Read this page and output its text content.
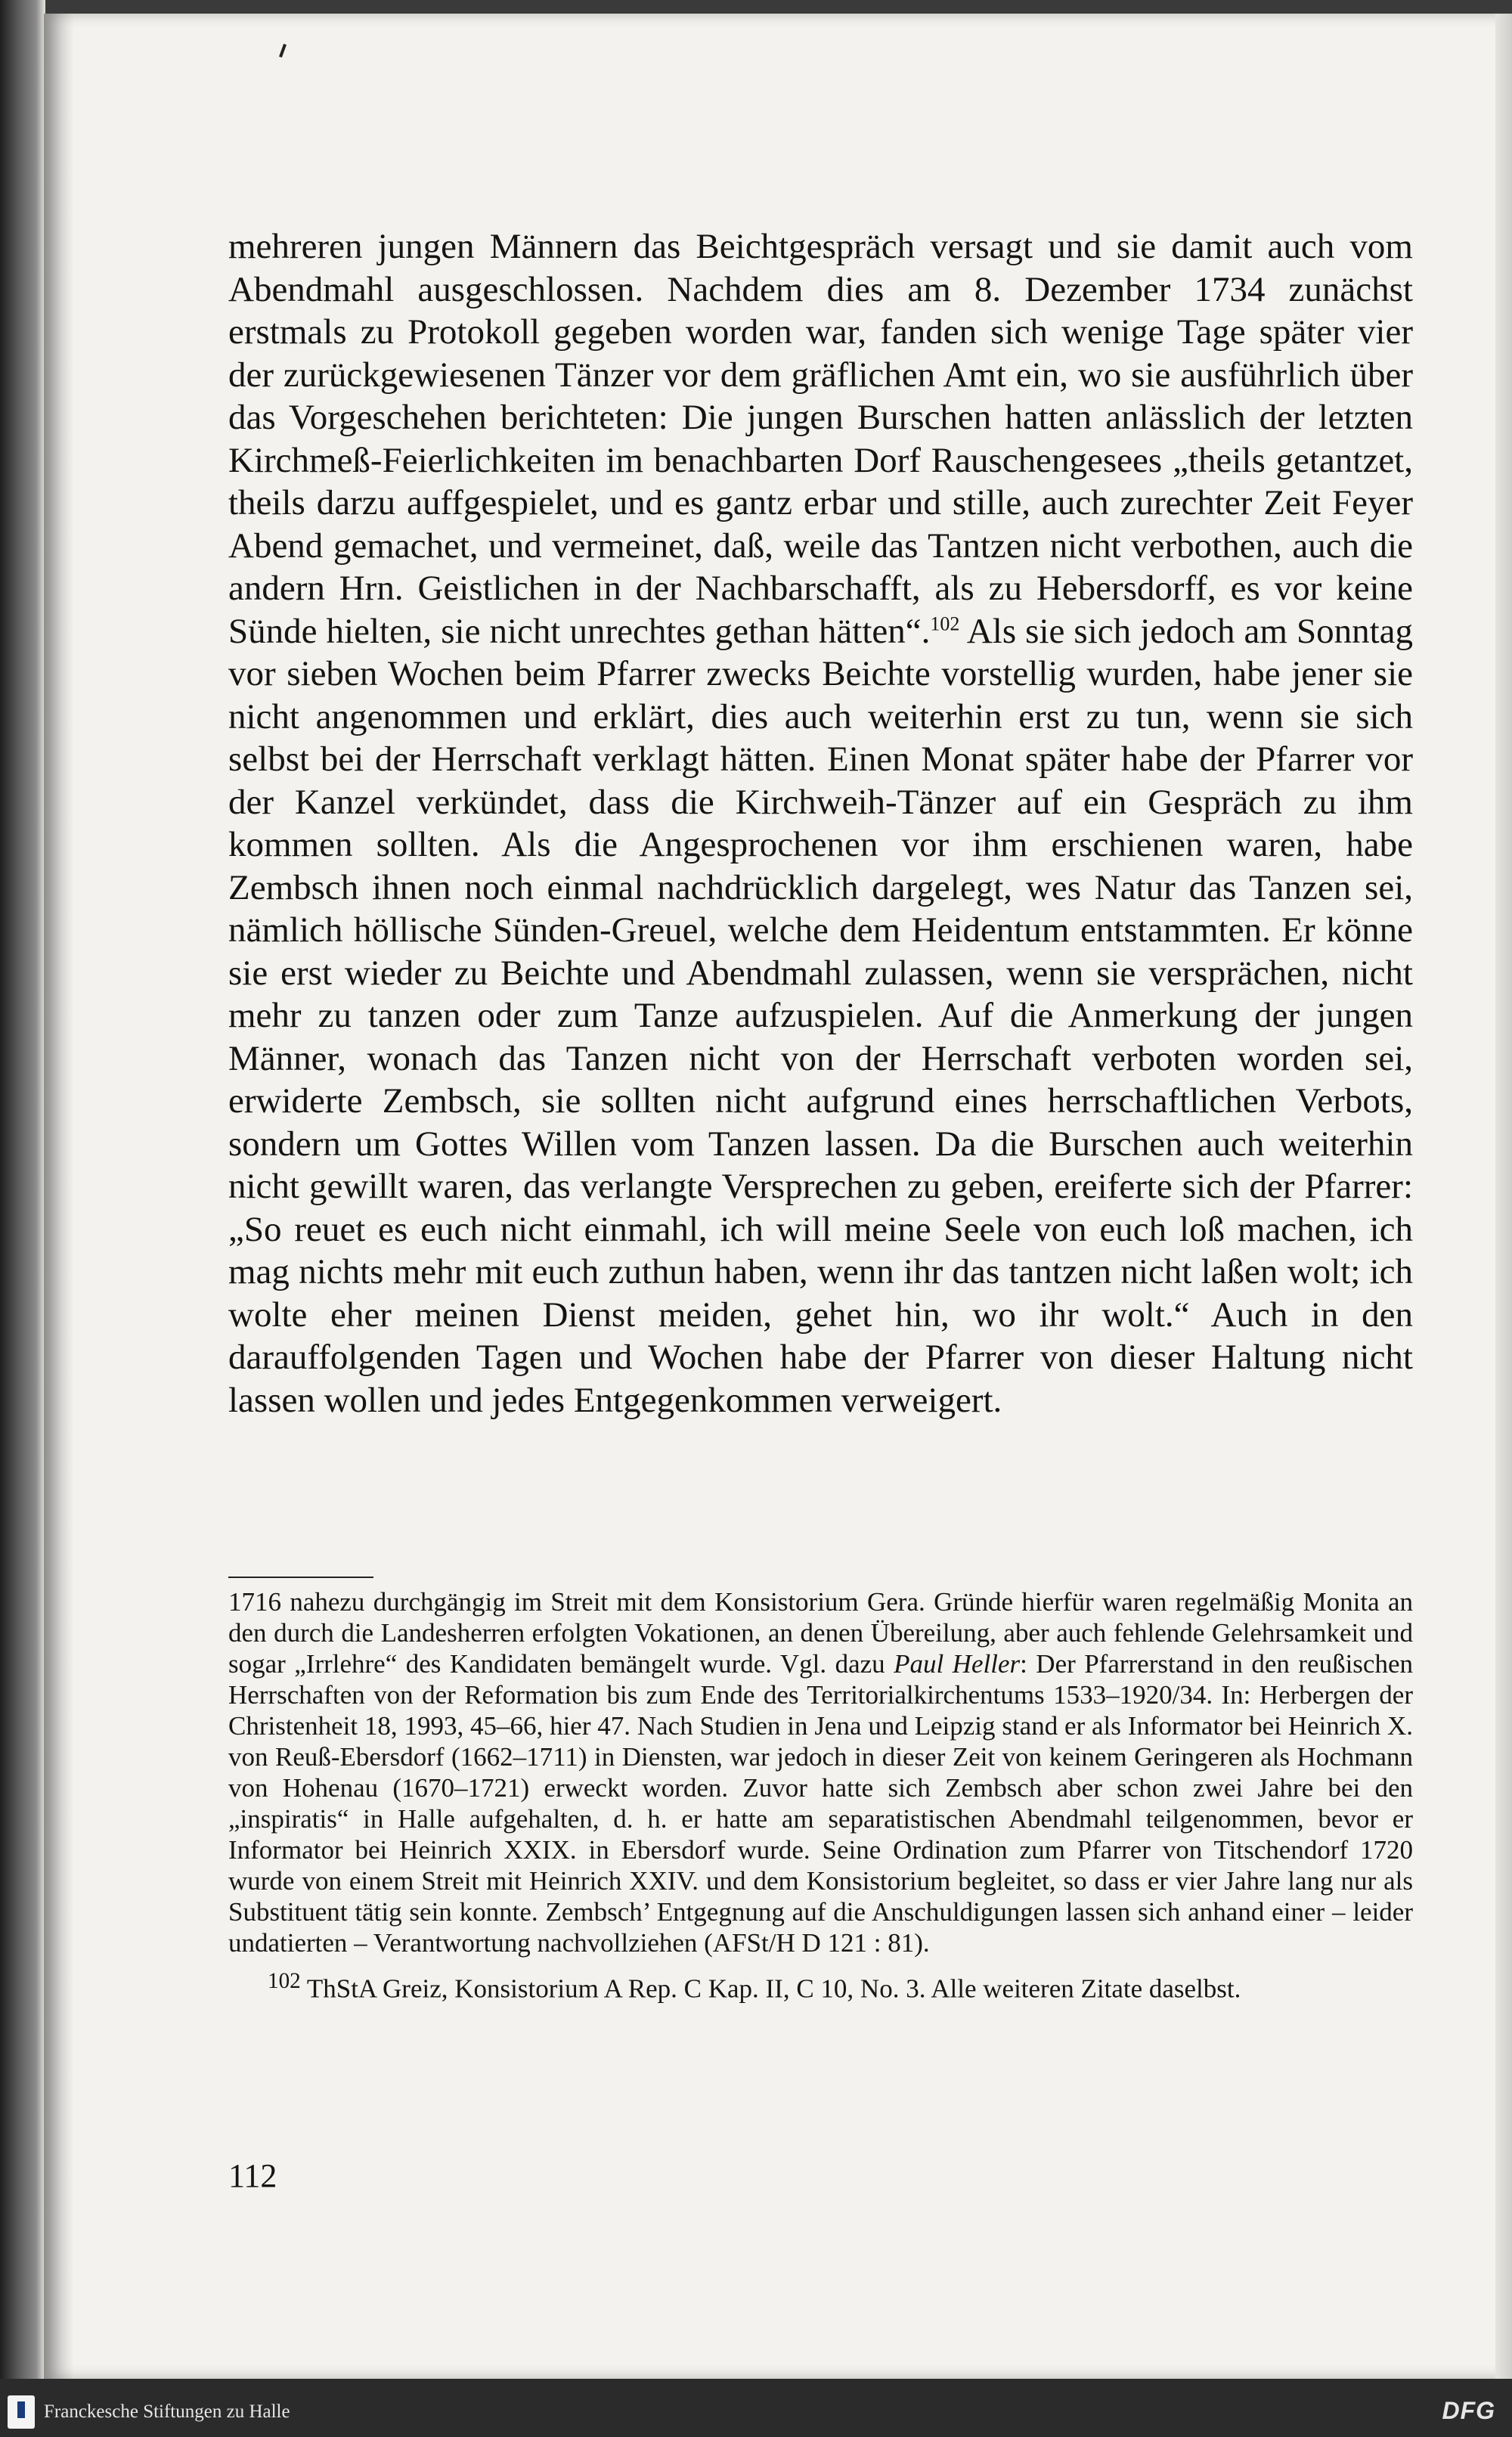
mehreren jungen Männern das Beichtgespräch versagt und sie damit auch vom Abendmahl ausgeschlossen. Nachdem dies am 8. Dezember 1734 zunächst erstmals zu Protokoll gegeben worden war, fanden sich wenige Tage später vier der zurückgewiesenen Tänzer vor dem gräflichen Amt ein, wo sie ausführlich über das Vorgeschehen berichteten: Die jungen Burschen hatten anlässlich der letzten Kirchmeß-Feierlichkeiten im benachbarten Dorf Rauschengesees „theils getantzet, theils darzu auffgespielet, und es gantz erbar und stille, auch zurechter Zeit Feyer Abend gemachet, und vermeinet, daß, weile das Tantzen nicht verbothen, auch die andern Hrn. Geistlichen in der Nachbarschafft, als zu Hebersdorff, es vor keine Sünde hielten, sie nicht unrechtes gethan hätten“.$^{102}$ Als sie sich jedoch am Sonntag vor sieben Wochen beim Pfarrer zwecks Beichte vorstellig wurden, habe jener sie nicht angenommen und erklärt, dies auch weiterhin erst zu tun, wenn sie sich selbst bei der Herrschaft verklagt hätten. Einen Monat später habe der Pfarrer vor der Kanzel verkündet, dass die Kirchweih-Tänzer auf ein Gespräch zu ihm kommen sollten. Als die Angesprochenen vor ihm erschienen waren, habe Zembsch ihnen noch einmal nachdrücklich dargelegt, wes Natur das Tanzen sei, nämlich höllische Sünden-Greuel, welche dem Heidentum entstammten. Er könne sie erst wieder zu Beichte und Abendmahl zulassen, wenn sie versprächen, nicht mehr zu tanzen oder zum Tanze aufzuspielen. Auf die Anmerkung der jungen Männer, wonach das Tanzen nicht von der Herrschaft verboten worden sei, erwiderte Zembsch, sie sollten nicht aufgrund eines herrschaftlichen Verbots, sondern um Gottes Willen vom Tanzen lassen. Da die Burschen auch weiterhin nicht gewillt waren, das verlangte Versprechen zu geben, ereiferte sich der Pfarrer: „So reuet es euch nicht einmahl, ich will meine Seele von euch loß machen, ich mag nichts mehr mit euch zuthun haben, wenn ihr das tantzen nicht laßen wolt; ich wolte eher meinen Dienst meiden, gehet hin, wo ihr wolt.“ Auch in den darauffolgenden Tagen und Wochen habe der Pfarrer von dieser Haltung nicht lassen wollen und jedes Entgegenkommen verweigert.

1716 nahezu durchgängig im Streit mit dem Konsistorium Gera. Gründe hierfür waren regelmäßig Monita an den durch die Landesherren erfolgten Vokationen, an denen Übereilung, aber auch fehlende Gelehrsamkeit und sogar „Irrlehre“ des Kandidaten bemängelt wurde. Vgl. dazu Paul Heller: Der Pfarrerstand in den reußischen Herrschaften von der Reformation bis zum Ende des Territorialkirchentums 1533–1920/34. In: Herbergen der Christenheit 18, 1993, 45–66, hier 47. Nach Studien in Jena und Leipzig stand er als Informator bei Heinrich X. von Reuß-Ebersdorf (1662–1711) in Diensten, war jedoch in dieser Zeit von keinem Geringeren als Hochmann von Hohenau (1670–1721) erweckt worden. Zuvor hatte sich Zembsch aber schon zwei Jahre bei den „inspiratis“ in Halle aufgehalten, d. h. er hatte am separatistischen Abendmahl teilgenommen, bevor er Informator bei Heinrich XXIX. in Ebersdorf wurde. Seine Ordination zum Pfarrer von Titschendorf 1720 wurde von einem Streit mit Heinrich XXIV. und dem Konsistorium begleitet, so dass er vier Jahre lang nur als Substituent tätig sein konnte. Zembsch’ Entgegnung auf die Anschuldigungen lassen sich anhand einer – leider undatierten – Verantwortung nachvollziehen (AFSt/H D 121 : 81).

$^{102}$ ThStA Greiz, Konsistorium A Rep. C Kap. II, C 10, No. 3. Alle weiteren Zitate daselbst.

112
Franckesche Stiftungen zu Halle	DFG
